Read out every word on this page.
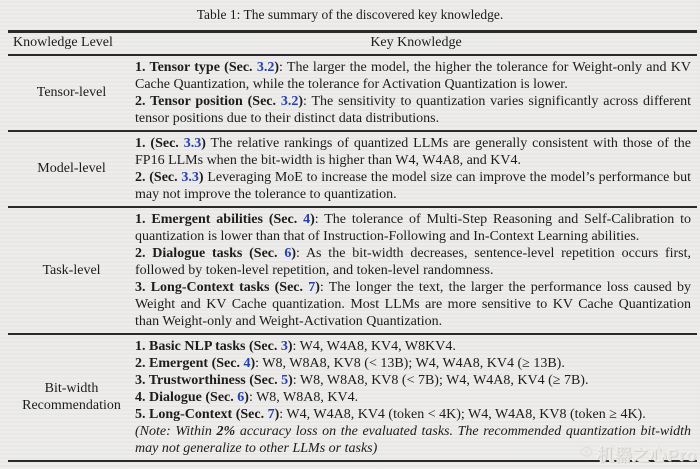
Table 1: The summary of the discovered key knowledge.
Knowledge Level	Key Knowledge
Tensor-level

1. Tensor type (Sec. 3.2): The larger the model, the higher the tolerance for Weight-only and KV Cache Quantization, while the tolerance for Activation Quantization is lower.

2. Tensor position (Sec. 3.2): The sensitivity to quantization varies significantly across different tensor positions due to their distinct data distributions.

Model-level

1. (Sec. 3.3) The relative rankings of quantized LLMs are generally consistent with those of the FP16 LLMs when the bit-width is higher than W4, W4A8, and KV4.

2. (Sec. 3.3) Leveraging MoE to increase the model size can improve the model’s performance but may not improve the tolerance to quantization.

Task-level

1. Emergent abilities (Sec. 4): The tolerance of Multi-Step Reasoning and Self-Calibration to quantization is lower than that of Instruction-Following and In-Context Learning abilities.

2. Dialogue tasks (Sec. 6): As the bit-width decreases, sentence-level repetition occurs first, followed by token-level repetition, and token-level randomness.

3. Long-Context tasks (Sec. 7): The longer the text, the larger the performance loss caused by Weight and KV Cache quantization. Most LLMs are more sensitive to KV Cache Quantization than Weight-only and Weight-Activation Quantization.

Bit-width Recommendation

1. Basic NLP tasks (Sec. 3): W4, W4A8, KV4, W8KV4.

2. Emergent (Sec. 4): W8, W8A8, KV8 (< 13B); W4, W4A8, KV4 (≥ 13B).

3. Trustworthiness (Sec. 5): W8, W8A8, KV8 (< 7B); W4, W4A8, KV4 (≥ 7B).

4. Dialogue (Sec. 6): W8, W8A8, KV4.

5. Long-Context (Sec. 7): W4, W4A8, KV4 (token < 4K); W4, W4A8, KV8 (token ≥ 4K).

(Note: Within 2% accuracy loss on the evaluated tasks. The recommended quantization bit-width may not generalize to other LLMs or tasks)	机器之心Pro
